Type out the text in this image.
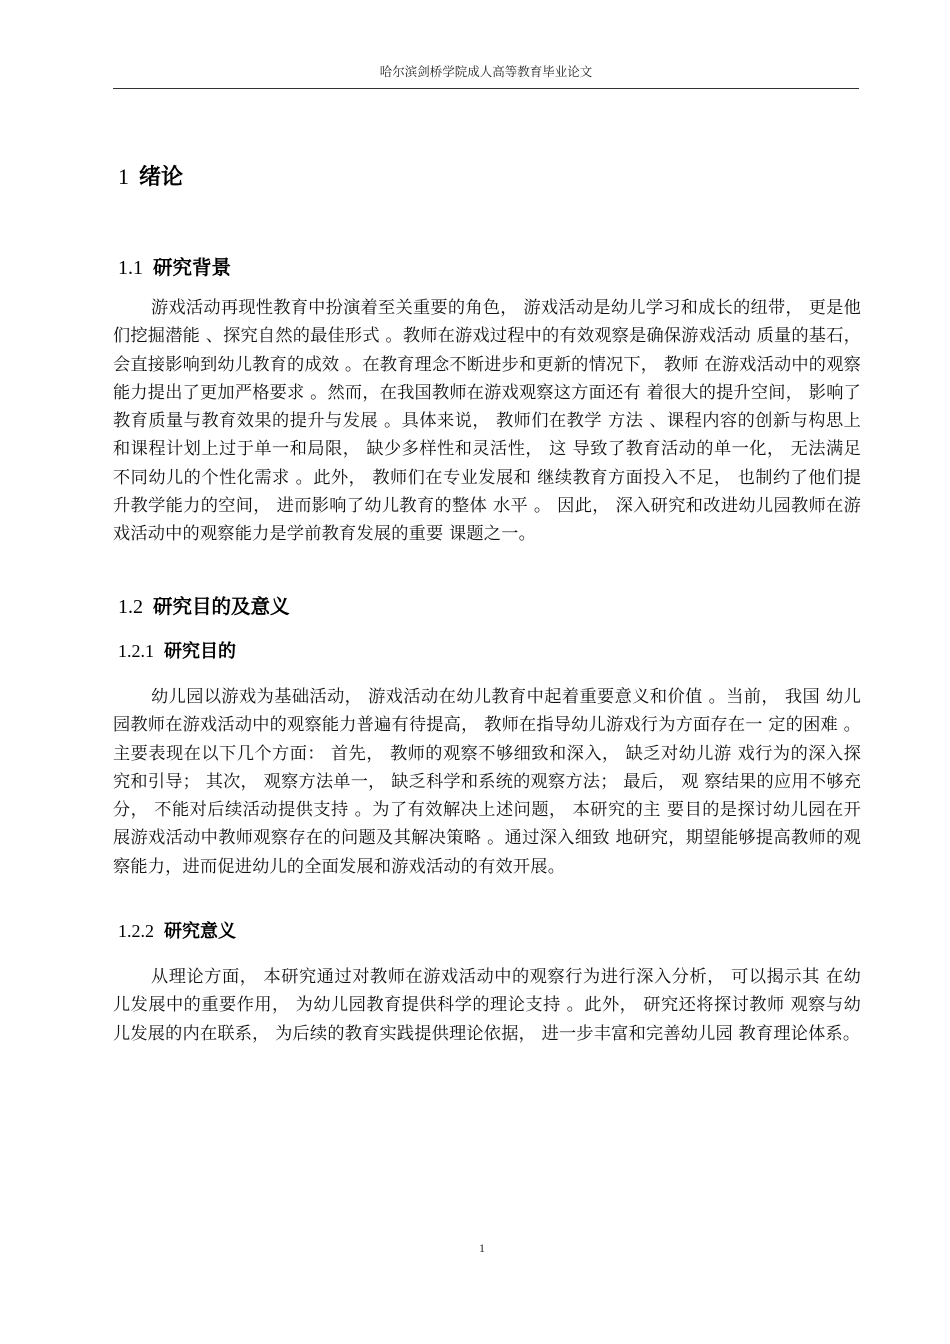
哈尔滨剑桥学院成人高等教育毕业论文
1 绪论
1.1 研究背景

游戏活动再现性教育中扮演着至关重要的角色， 游戏活动是幼儿学习和成长的纽带， 更是他们挖掘潜能 、探究自然的最佳形式 。教师在游戏过程中的有效观察是确保游戏活动 质量的基石， 会直接影响到幼儿教育的成效 。在教育理念不断进步和更新的情况下， 教师 在游戏活动中的观察能力提出了更加严格要求 。然而，在我国教师在游戏观察这方面还有 着很大的提升空间， 影响了教育质量与教育效果的提升与发展 。具体来说， 教师们在教学 方法 、课程内容的创新与构思上和课程计划上过于单一和局限， 缺少多样性和灵活性， 这 导致了教育活动的单一化， 无法满足不同幼儿的个性化需求 。此外， 教师们在专业发展和 继续教育方面投入不足， 也制约了他们提升教学能力的空间， 进而影响了幼儿教育的整体 水平 。 因此， 深入研究和改进幼儿园教师在游戏活动中的观察能力是学前教育发展的重要 课题之一。

1.2 研究目的及意义
1.2.1 研究目的

幼儿园以游戏为基础活动， 游戏活动在幼儿教育中起着重要意义和价值 。当前， 我国 幼儿园教师在游戏活动中的观察能力普遍有待提高， 教师在指导幼儿游戏行为方面存在一 定的困难 。主要表现在以下几个方面： 首先， 教师的观察不够细致和深入， 缺乏对幼儿游 戏行为的深入探究和引导； 其次， 观察方法单一， 缺乏科学和系统的观察方法； 最后， 观 察结果的应用不够充分， 不能对后续活动提供支持 。为了有效解决上述问题， 本研究的主 要目的是探讨幼儿园在开展游戏活动中教师观察存在的问题及其解决策略 。通过深入细致 地研究，期望能够提高教师的观察能力，进而促进幼儿的全面发展和游戏活动的有效开展。

1.2.2 研究意义

从理论方面， 本研究通过对教师在游戏活动中的观察行为进行深入分析， 可以揭示其 在幼儿发展中的重要作用， 为幼儿园教育提供科学的理论支持 。此外， 研究还将探讨教师 观察与幼儿发展的内在联系， 为后续的教育实践提供理论依据， 进一步丰富和完善幼儿园 教育理论体系。

1
